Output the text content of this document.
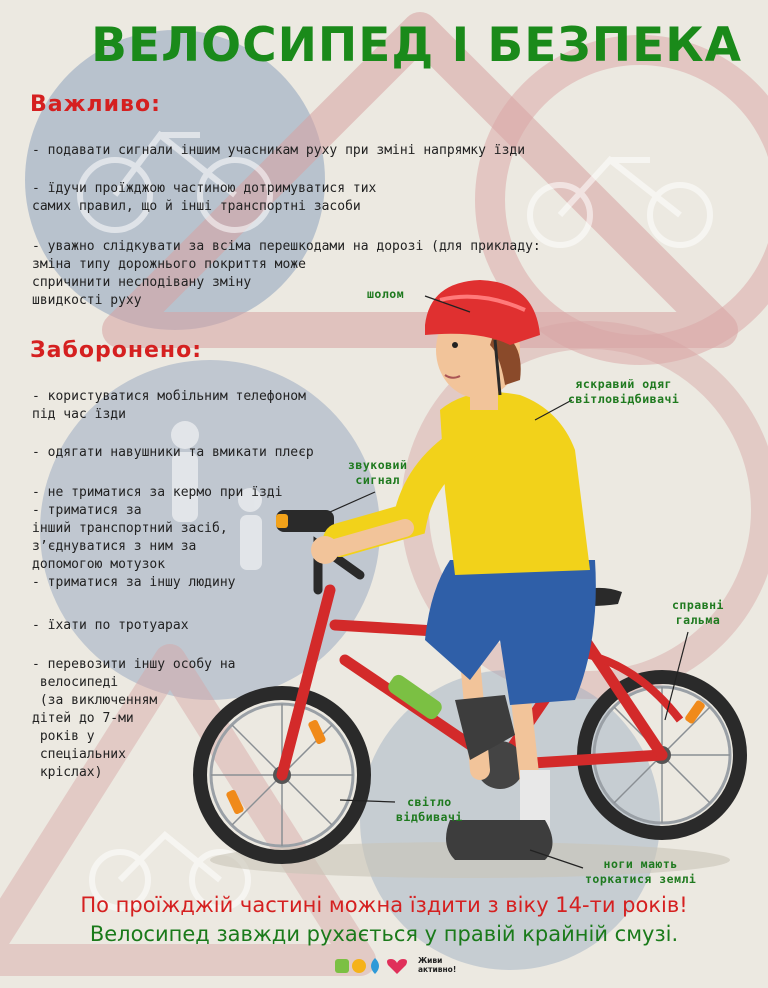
ВЕЛОСИПЕД І БЕЗПЕКА
Важливо:
- подавати сигнали іншим учасникам руху при зміні напрямку їзди
- їдучи проїжджою частиною дотримуватися тих
самих правил, що й інші транспортні засоби
- уважно слідкувати за всіма перешкодами на дорозі (для прикладу:
зміна типу дорожнього покриття може
спричинити несподівану зміну
швидкості руху
Заборонено:
- користуватися мобільним телефоном
під час їзди
- одягати навушники та вмикати плеєр
- не триматися за кермо при їзді
- триматися за
інший транспортний засіб,
з’єднуватися з ним за
допомогою мотузок
- триматися за іншу людину
- їхати по тротуарах
- перевозити іншу особу на
велосипеді
(за виключенням
дітей до 7-ми
років у
спеціальних
кріслах)
шолом
яскравий одяг
світловідбивачі
звуковий
сигнал
справні
гальма
світло
відбивачі
ноги мають
торкатися землі
По проїжджій частині можна їздити з віку 14-ти років!
Велосипед завжди рухається у правій крайній смузі.
Живи
активно!
